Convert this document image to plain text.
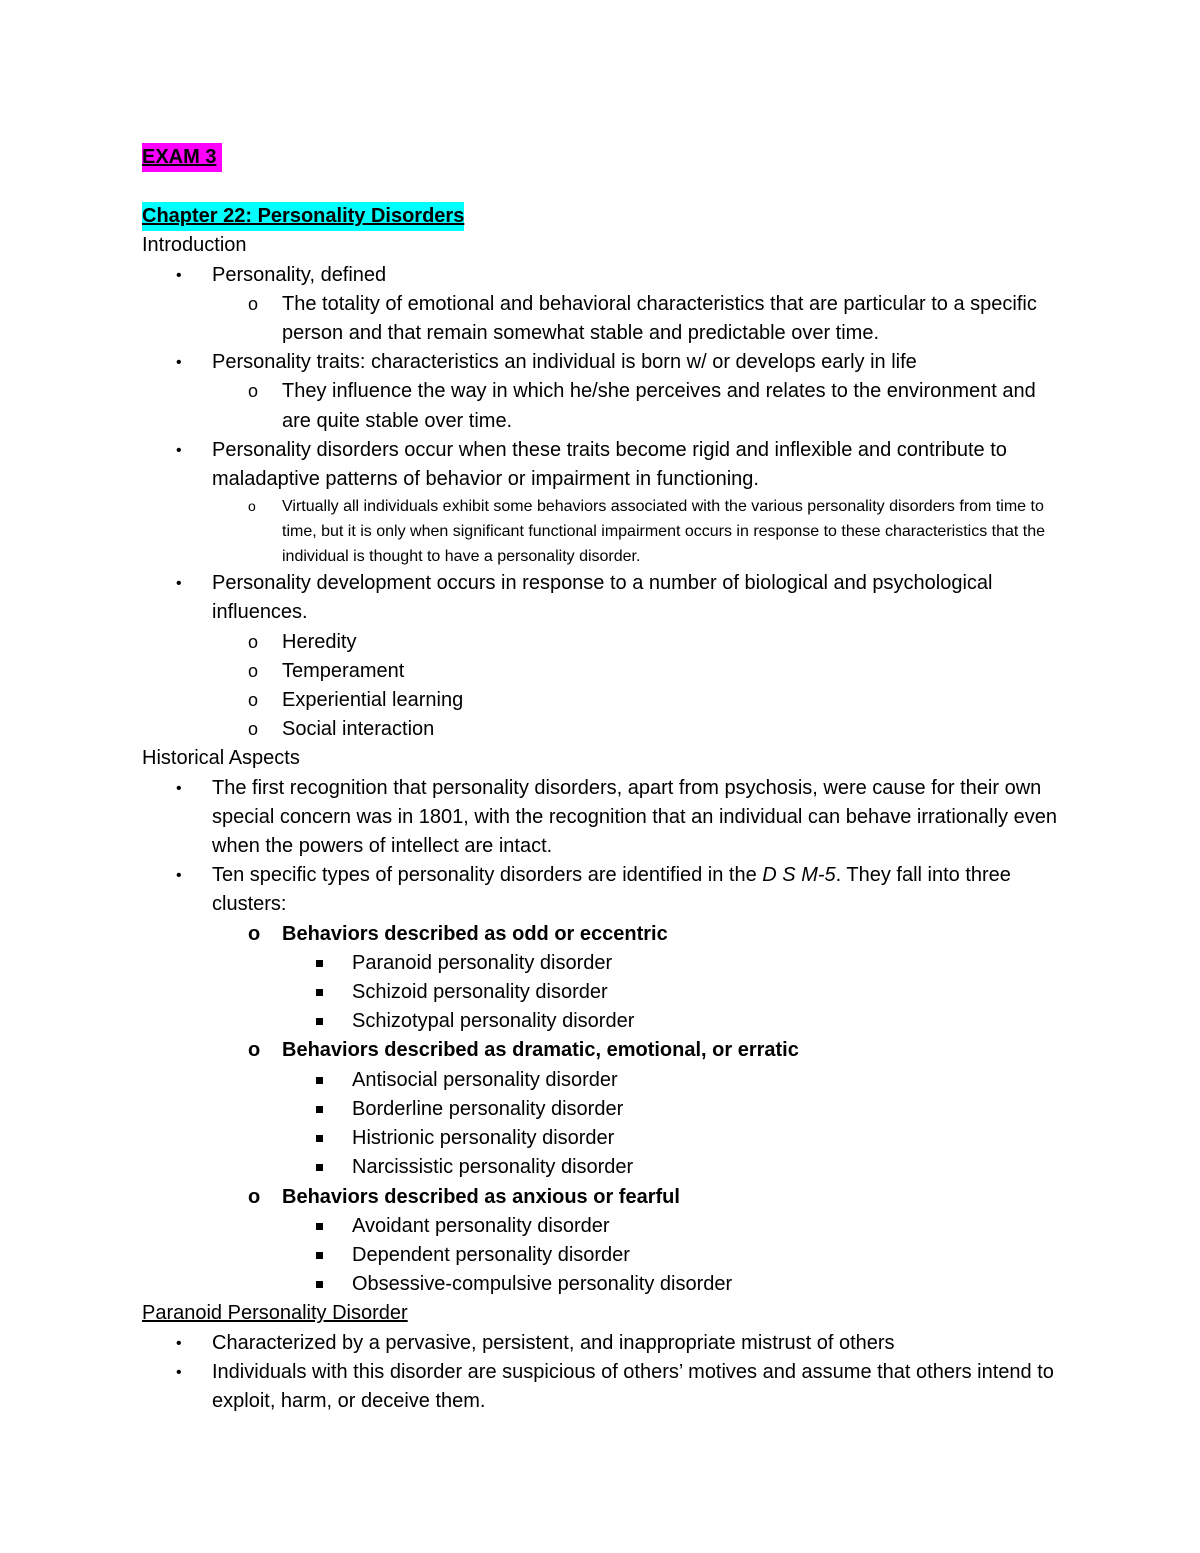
EXAM 3
Chapter 22: Personality Disorders
Introduction
• Personality, defined
o	The totality of emotional and behavioral characteristics that are particular to a specific person and that remain somewhat stable and predictable over time.
• Personality traits: characteristics an individual is born w/ or develops early in life
o	They influence the way in which he/she perceives and relates to the environment and are quite stable over time.
• Personality disorders occur when these traits become rigid and inflexible and contribute to maladaptive patterns of behavior or impairment in functioning.
o	Virtually all individuals exhibit some behaviors associated with the various personality disorders from time to time, but it is only when significant functional impairment occurs in response to these characteristics that the individual is thought to have a personality disorder.
• Personality development occurs in response to a number of biological and psychological influences.
o	Heredity
o	Temperament
o	Experiential learning
o	Social interaction
Historical Aspects
• The first recognition that personality disorders, apart from psychosis, were cause for their own special concern was in 1801, with the recognition that an individual can behave irrationally even when the powers of intellect are intact.
• Ten specific types of personality disorders are identified in the D S M-5. They fall into three clusters:
o	Behaviors described as odd or eccentric
Paranoid personality disorder
Schizoid personality disorder
Schizotypal personality disorder
o	Behaviors described as dramatic, emotional, or erratic
Antisocial personality disorder
Borderline personality disorder
Histrionic personality disorder
Narcissistic personality disorder
o	Behaviors described as anxious or fearful
Avoidant personality disorder
Dependent personality disorder
Obsessive-compulsive personality disorder
Paranoid Personality Disorder
• Characterized by a pervasive, persistent, and inappropriate mistrust of others
• Individuals with this disorder are suspicious of others’ motives and assume that others intend to exploit, harm, or deceive them.
